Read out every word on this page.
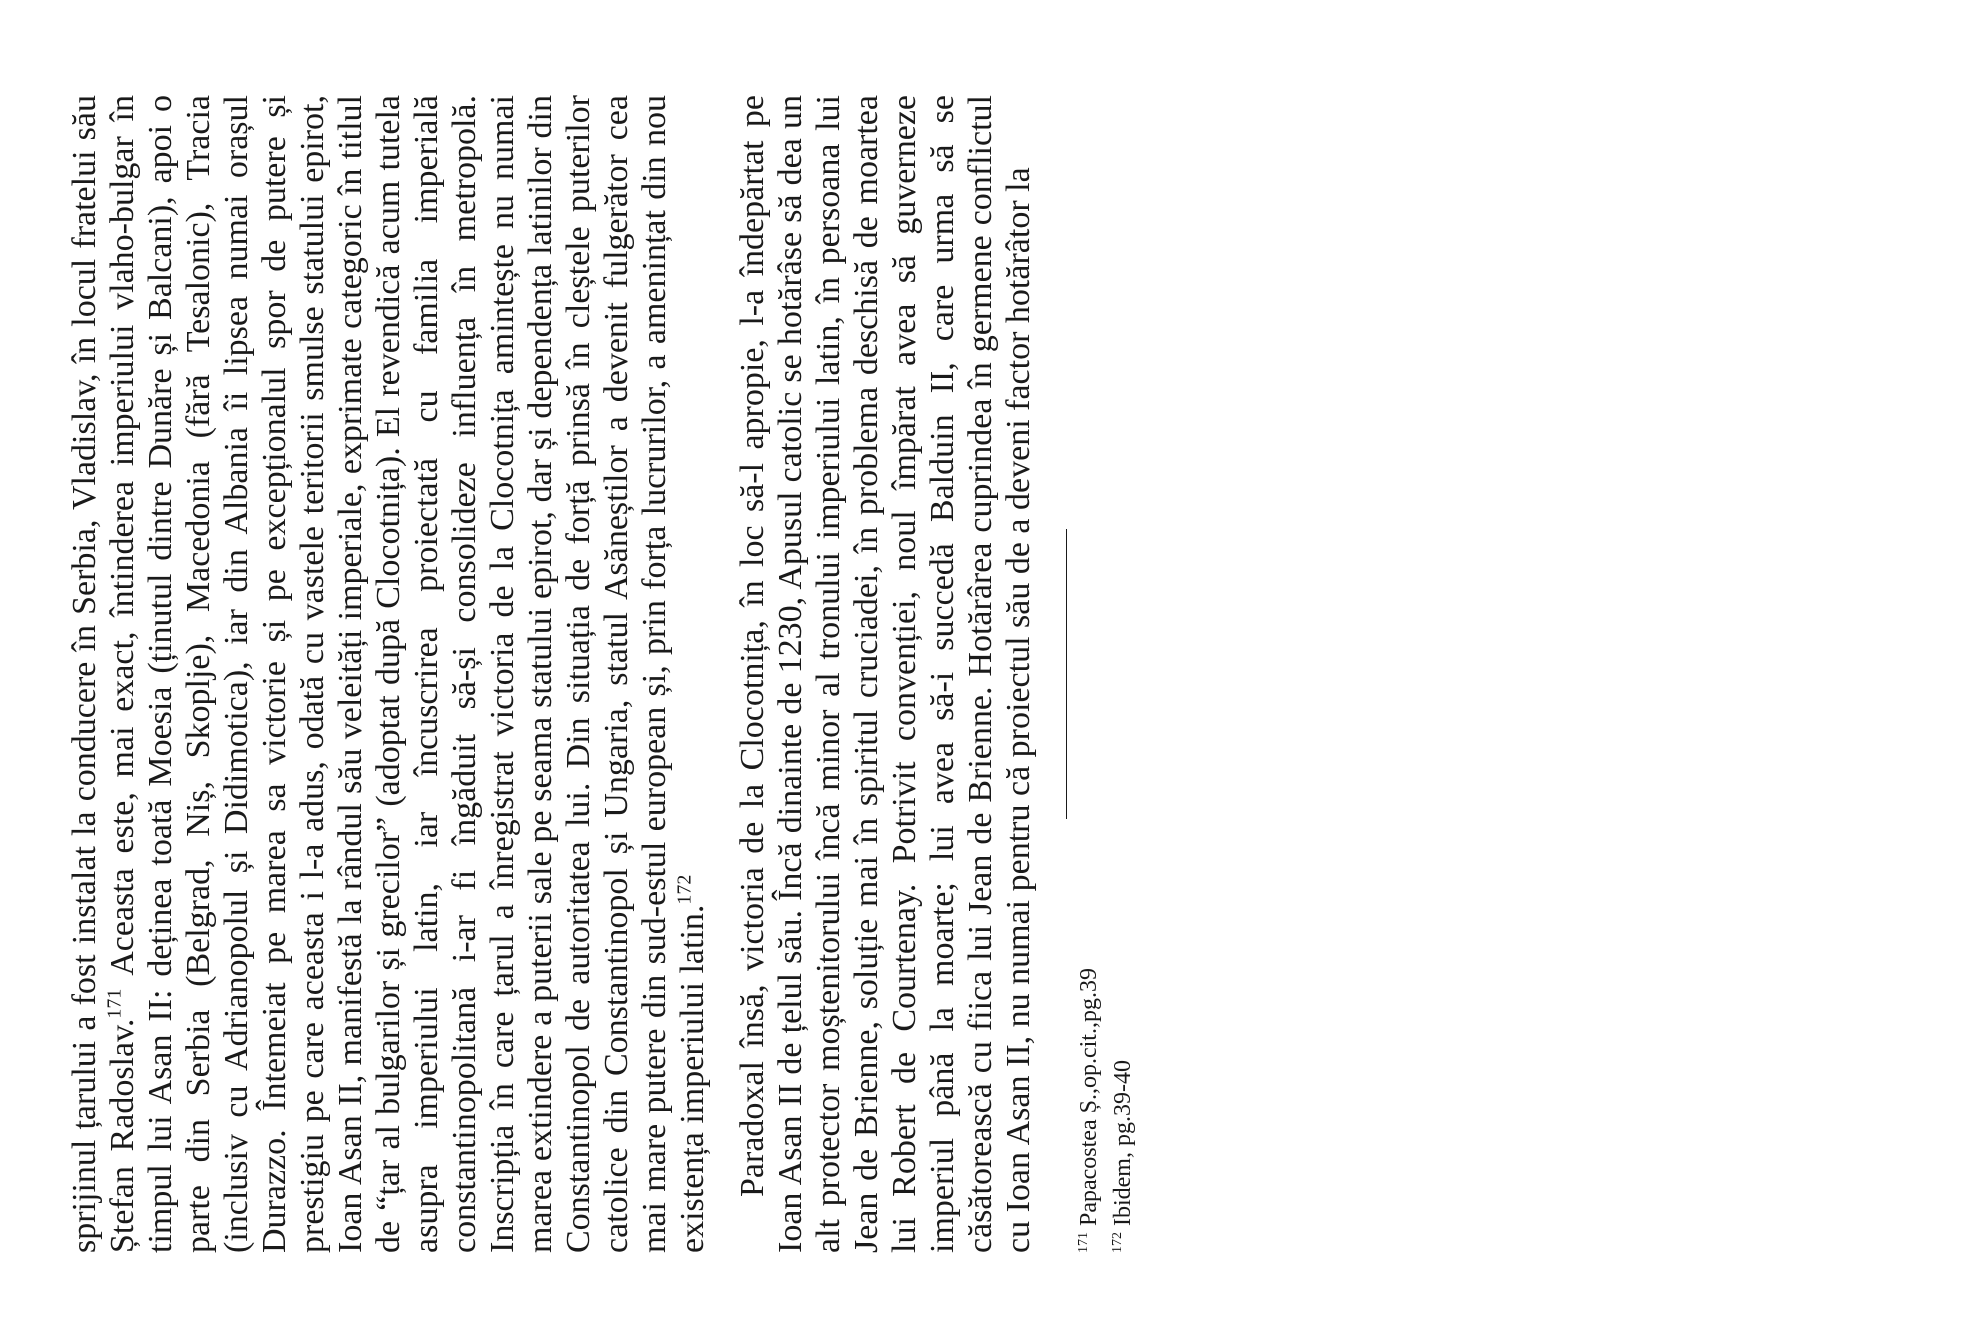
sprijinul țarului a fost instalat la conducere în Serbia, Vladislav, în locul fratelui său Ștefan Radoslav.$^{171}$ Aceasta este, mai exact, întinderea imperiului vlaho-bulgar în timpul lui Asan II: deținea toată Moesia (ținutul dintre Dunăre și Balcani), apoi o parte din Serbia (Belgrad, Niș, Skoplje), Macedonia (fără Tesalonic), Tracia (inclusiv cu Adrianopolul și Didimotica), iar din Albania îi lipsea numai orașul Durazzo. Întemeiat pe marea sa victorie și pe excepționalul spor de putere și prestigiu pe care aceasta i l-a adus, odată cu vastele teritorii smulse statului epirot, Ioan Asan II, manifestă la rândul său veleități imperiale, exprimate categoric în titlul de “țar al bulgarilor și grecilor” (adoptat după Clocotnița). El revendică acum tutela asupra imperiului latin, iar încuscrirea proiectată cu familia imperială constantinopolitană i-ar fi îngăduit să-și consolideze influența în metropolă. Inscripția în care țarul a înregistrat victoria de la Clocotnița amintește nu numai marea extindere a puterii sale pe seama statului epirot, dar și dependența latinilor din Constantinopol de autoritatea lui. Din situația de forță prinsă în cleștele puterilor catolice din Constantinopol și Ungaria, statul Asăneștilor a devenit fulgerător cea mai mare putere din sud-estul european și, prin forța lucrurilor, a amenințat din nou existența imperiului latin.$^{172}$	Paradoxal însă, victoria de la Clocotnița, în loc să-l apropie, l-a îndepărtat pe Ioan Asan II de țelul său. Încă dinainte de 1230, Apusul catolic se hotărâse să dea un alt protector moștenitorului încă minor al tronului imperiului latin, în persoana lui Jean de Brienne, soluție mai în spiritul cruciadei, în problema deschisă de moartea lui Robert de Courtenay. Potrivit convenției, noul împărat avea să guverneze imperiul până la moarte; lui avea să-i succedă Balduin II, care urma să se căsătorească cu fiica lui Jean de Brienne. Hotărârea cuprindea în germene conflictul cu Ioan Asan II, nu numai pentru că proiectul său de a deveni factor hotărâtor la	$^{171}$ Papacostea Ș.,op.cit.,pg.39

$^{172}$ Ibidem, pg.39-40
